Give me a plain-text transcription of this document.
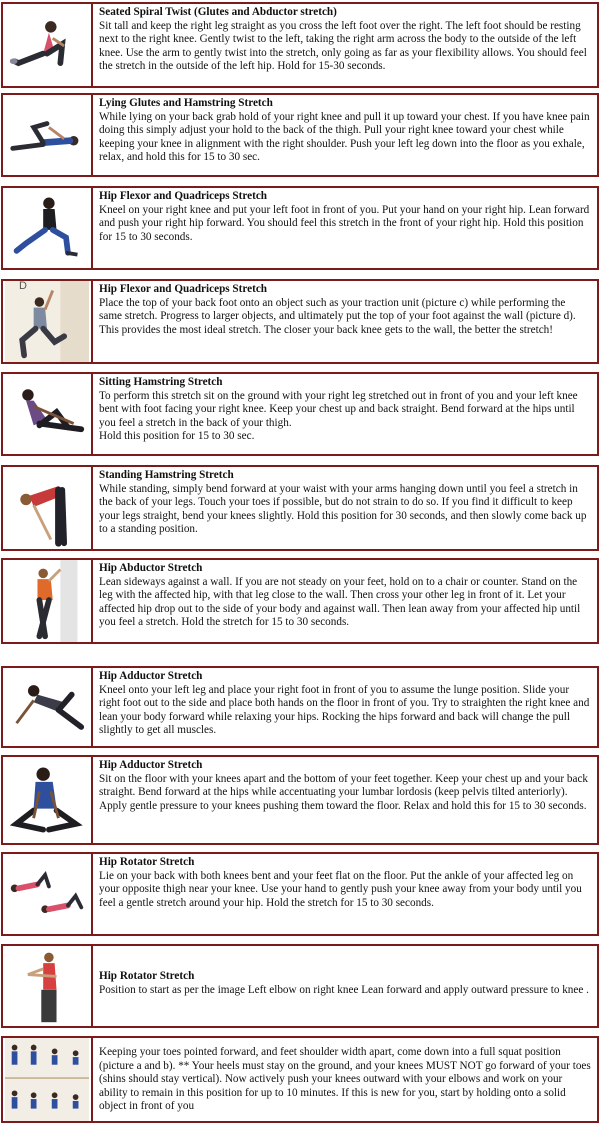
Seated Spiral Twist (Glutes and Abductor stretch)
Sit tall and keep the right leg straight as you cross the left foot over the right. The left foot should be resting next to the right knee. Gently twist to the left, taking the right arm across the body to the outside of the left knee. Use the arm to gently twist into the stretch, only going as far as your flexibility allows. You should feel the stretch in the outside of the left hip. Hold for 15-30 seconds.
Lying Glutes and Hamstring Stretch
While lying on your back grab hold of your right knee and pull it up toward your chest. If you have knee pain doing this simply adjust your hold to the back of the thigh. Pull your right knee toward your chest while keeping your knee in alignment with the right shoulder. Push your left leg down into the floor as you exhale, relax, and hold this for 15 to 30 sec.
Hip Flexor and Quadriceps Stretch
Kneel on your right knee and put your left foot in front of you. Put your hand on your right hip. Lean forward and push your right hip forward. You should feel this stretch in the front of your right hip. Hold this position for 15 to 30 seconds.
D	Hip Flexor and Quadriceps Stretch
Place the top of your back foot onto an object such as your traction unit (picture c) while performing the same stretch. Progress to larger objects, and ultimately put the top of your foot against the wall (picture d). This provides the most ideal stretch. The closer your back knee gets to the wall, the better the stretch!
Sitting Hamstring Stretch
To perform this stretch sit on the ground with your right leg stretched out in front of you and your left knee bent with foot facing your right knee. Keep your chest up and back straight. Bend forward at the hips until you feel a stretch in the back of your thigh.
Hold this position for 15 to 30 sec.
Standing Hamstring Stretch
While standing, simply bend forward at your waist with your arms hanging down until you feel a stretch in the back of your legs. Touch your toes if possible, but do not strain to do so. If you find it difficult to keep your legs straight, bend your knees slightly. Hold this position for 30 seconds, and then slowly come back up to a standing position.
Hip Abductor Stretch
Lean sideways against a wall. If you are not steady on your feet, hold on to a chair or counter. Stand on the leg with the affected hip, with that leg close to the wall. Then cross your other leg in front of it. Let your affected hip drop out to the side of your body and against wall. Then lean away from your affected hip until you feel a stretch. Hold the stretch for 15 to 30 seconds.
Hip Adductor Stretch
Kneel onto your left leg and place your right foot in front of you to assume the lunge position. Slide your right foot out to the side and place both hands on the floor in front of you. Try to straighten the right knee and lean your body forward while relaxing your hips. Rocking the hips forward and back will change the pull slightly to get all muscles.
Hip Adductor Stretch
Sit on the floor with your knees apart and the bottom of your feet together. Keep your chest up and your back straight. Bend forward at the hips while accentuating your lumbar lordosis (keep pelvis tilted anteriorly). Apply gentle pressure to your knees pushing them toward the floor. Relax and hold this for 15 to 30 seconds.
Hip Rotator Stretch
Lie on your back with both knees bent and your feet flat on the floor. Put the ankle of your affected leg on your opposite thigh near your knee. Use your hand to gently push your knee away from your body until you feel a gentle stretch around your hip. Hold the stretch for 15 to 30 seconds.
Hip Rotator Stretch
Position to start as per the image Left elbow on right knee Lean forward and apply outward pressure to knee .
Keeping your toes pointed forward, and feet shoulder width apart, come down into a full squat position (picture a and b). ** Your heels must stay on the ground, and your knees MUST NOT go forward of your toes (shins should stay vertical). Now actively push your knees outward with your elbows and work on your ability to remain in this position for up to 10 minutes. If this is new for you, start by holding onto a solid object in front of you
